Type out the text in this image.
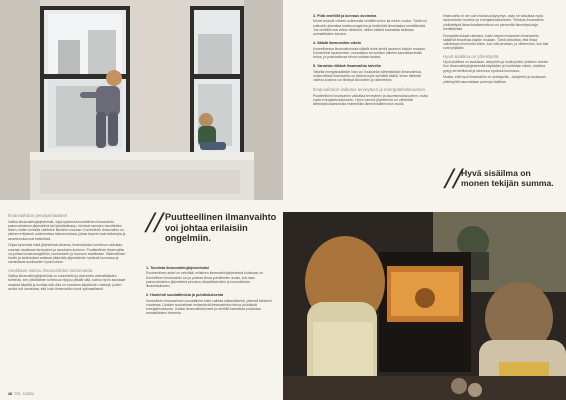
Ilmanvaihdon perusperiaatteet

Vaikka ilmanvaihtojärjestelmät, olipa kyseessä koneellinen ilmanvaihto, painovoimainen järjestelmä tai hybridiratkaisu, toimivat samojen tavoitteiden eteen, niiden toiminta vaihtelee tilanteen mukaan. Koneellinen ilmanvaihto on yleinen erityisesti uudemmissa rakennuksissa, joissa tarpeet ovat tarkempia ja asumismukavuus keskiössä.

Ohjaa kyseessä mikä järjestelmä tahansa, ilmanvaihdon toimivuus vaikuttaa suoraan asukkaan terveyteen ja asuntojen kuntoon. Puutteellinen ilmanvaihto voi johtaa kosteusongelmiin, homeeseen ja huonoon sisäilmaan. Säännöllinen huolto ja tarkistukset auttavat pitämään järjestelmän hyvässä kunnossa ja varmistavat asukkaiden hyvinvoinnin.

Asukkaan vastuu ilmanvaihdon toiminnasta

Vaikka ilmanvaihtojärjestelmä on suunniteltu ja asennettu ammattilaisten toimesta, sen päivittäinen toimivuus riippuu pitkälti siitä, kuinka hyvin asukkaat osaavat käyttää ja huoltaa sitä. Alla on muutama käytännön vinkkejä, joiden avulla voit varmistaa, että koko ilmanvaihto toimii optimaalisesti.

// Puutteellinen ilmanvaihto voi johtaa erilaisiin ongelmiin.
1. Tunnista ilmanvaihtojärjestelmäsi
Ensimmäinen askel on selvittää, millainen ilmanvaihtojärjestelmä kodissasi on. Koneellinen ilmanvaihto tuo ja poistaa ilmaa puhaltimien avulla, kun taas painovoimainen järjestelmä perustuu lämpötilaeroihin ja luonnolliseen ilmavirtaukseen.
2. Huolehdi suodattimista ja puhdistuksesta
Koneellisen ilmanvaihdon suodattimet tulee vaihtaa säännöllisesti, yleensä kahdesti vuodessa. Likaiset suodattimet heikentävät ilmanvaihdon tehoa ja lisäävät energiankulutusta. Lisäksi ilmanvaihtokoneet ja venttiilit kannattaa puhdistaa ammattilaisen toimesta.
28 TÖL 1/2024
3. Pidä venttiilit ja korvaus avoimina
Monet tekevät virheen sulkemalla venttiilit vedon tai melun vuoksi. Tämä voi kuitenkin aiheuttaa kosteusongelmia ja heikentää ilmanlaatua merkittävästi. Jos venttiilit ovat vedon lähteenä, niiden säätöä kannattaa tarkistaa ammattilaisen kanssa.
4. Säädä ilmanvaihto oikein
Koneellisessa ilmanvaihdossa säädöt tulee tehdä asunnon käytön mukaan. Esimerkiksi saunomisen, ruoanlaiton tai suihkun jälkeen kannattaa lisätä tehoa, ja poissaollessa tehoa voidaan laskea.
5. Varmista riittävä ilmanvaihto talvella
Talvella energiansäästön halu voi houkutella vähentämään ilmanvaihtoa, mutta riittävä ilmanvaihto on tärkeä myös kylmällä säällä. Ilman riittävää vaihtoa kosteus voi tiivistyä ikkunoihin ja rakenteisiin.
Ilmanvaihdon vaikutus terveyteen ja energiatehokkuuteen
Puutteellinen ilmanvaihto vaikuttaa terveyteen ja asumismukavuuteen, mutta myös energiankulutukseen. Hyvin toimiva järjestelmä voi vähentää lämmityskustannuksia esimerkiksi lämmöntalteenoton avulla.

Ilmanvaihto ei ole vain mukavuuskysymys, vaan se vaikuttaa myös rakennuksen kuntoon ja energiankulutukseen. Tehokas ilmanvaihto yhdistettynä lämmöntalteenottoon voi pienentää lämmityskuluja merkittävästi.

Energiatehokkaat ratkaisut, kuten tarpeenmukainen ilmanvaihto, säätävät ilmavirtaa käytön mukaan. Tämä tarkoittaa, että ilmaa vaihdetaan enemmän silloin, kun sitä tarvitaan, ja vähemmän, kun tilat ovat tyhjillään.

Hyvä sisäilma on yhteistyötä

Hyvä sisäilma on asukkaan, taloyhtiön ja huoltoyhtiön yhteinen tavoite. Kun ilmanvaihtojärjestelmää käytetään ja huolletaan oikein, sisäilma pysyy terveellisenä ja rakennus hyvässä kunnossa.

Muista, että hyvä ilmanvaihto on yhteispeliä – taloyhtiön ja asukkaan yhteistyöllä saavutetaan parempi sisäilma.

// Hyvä sisäilma on monen tekijän summa.
